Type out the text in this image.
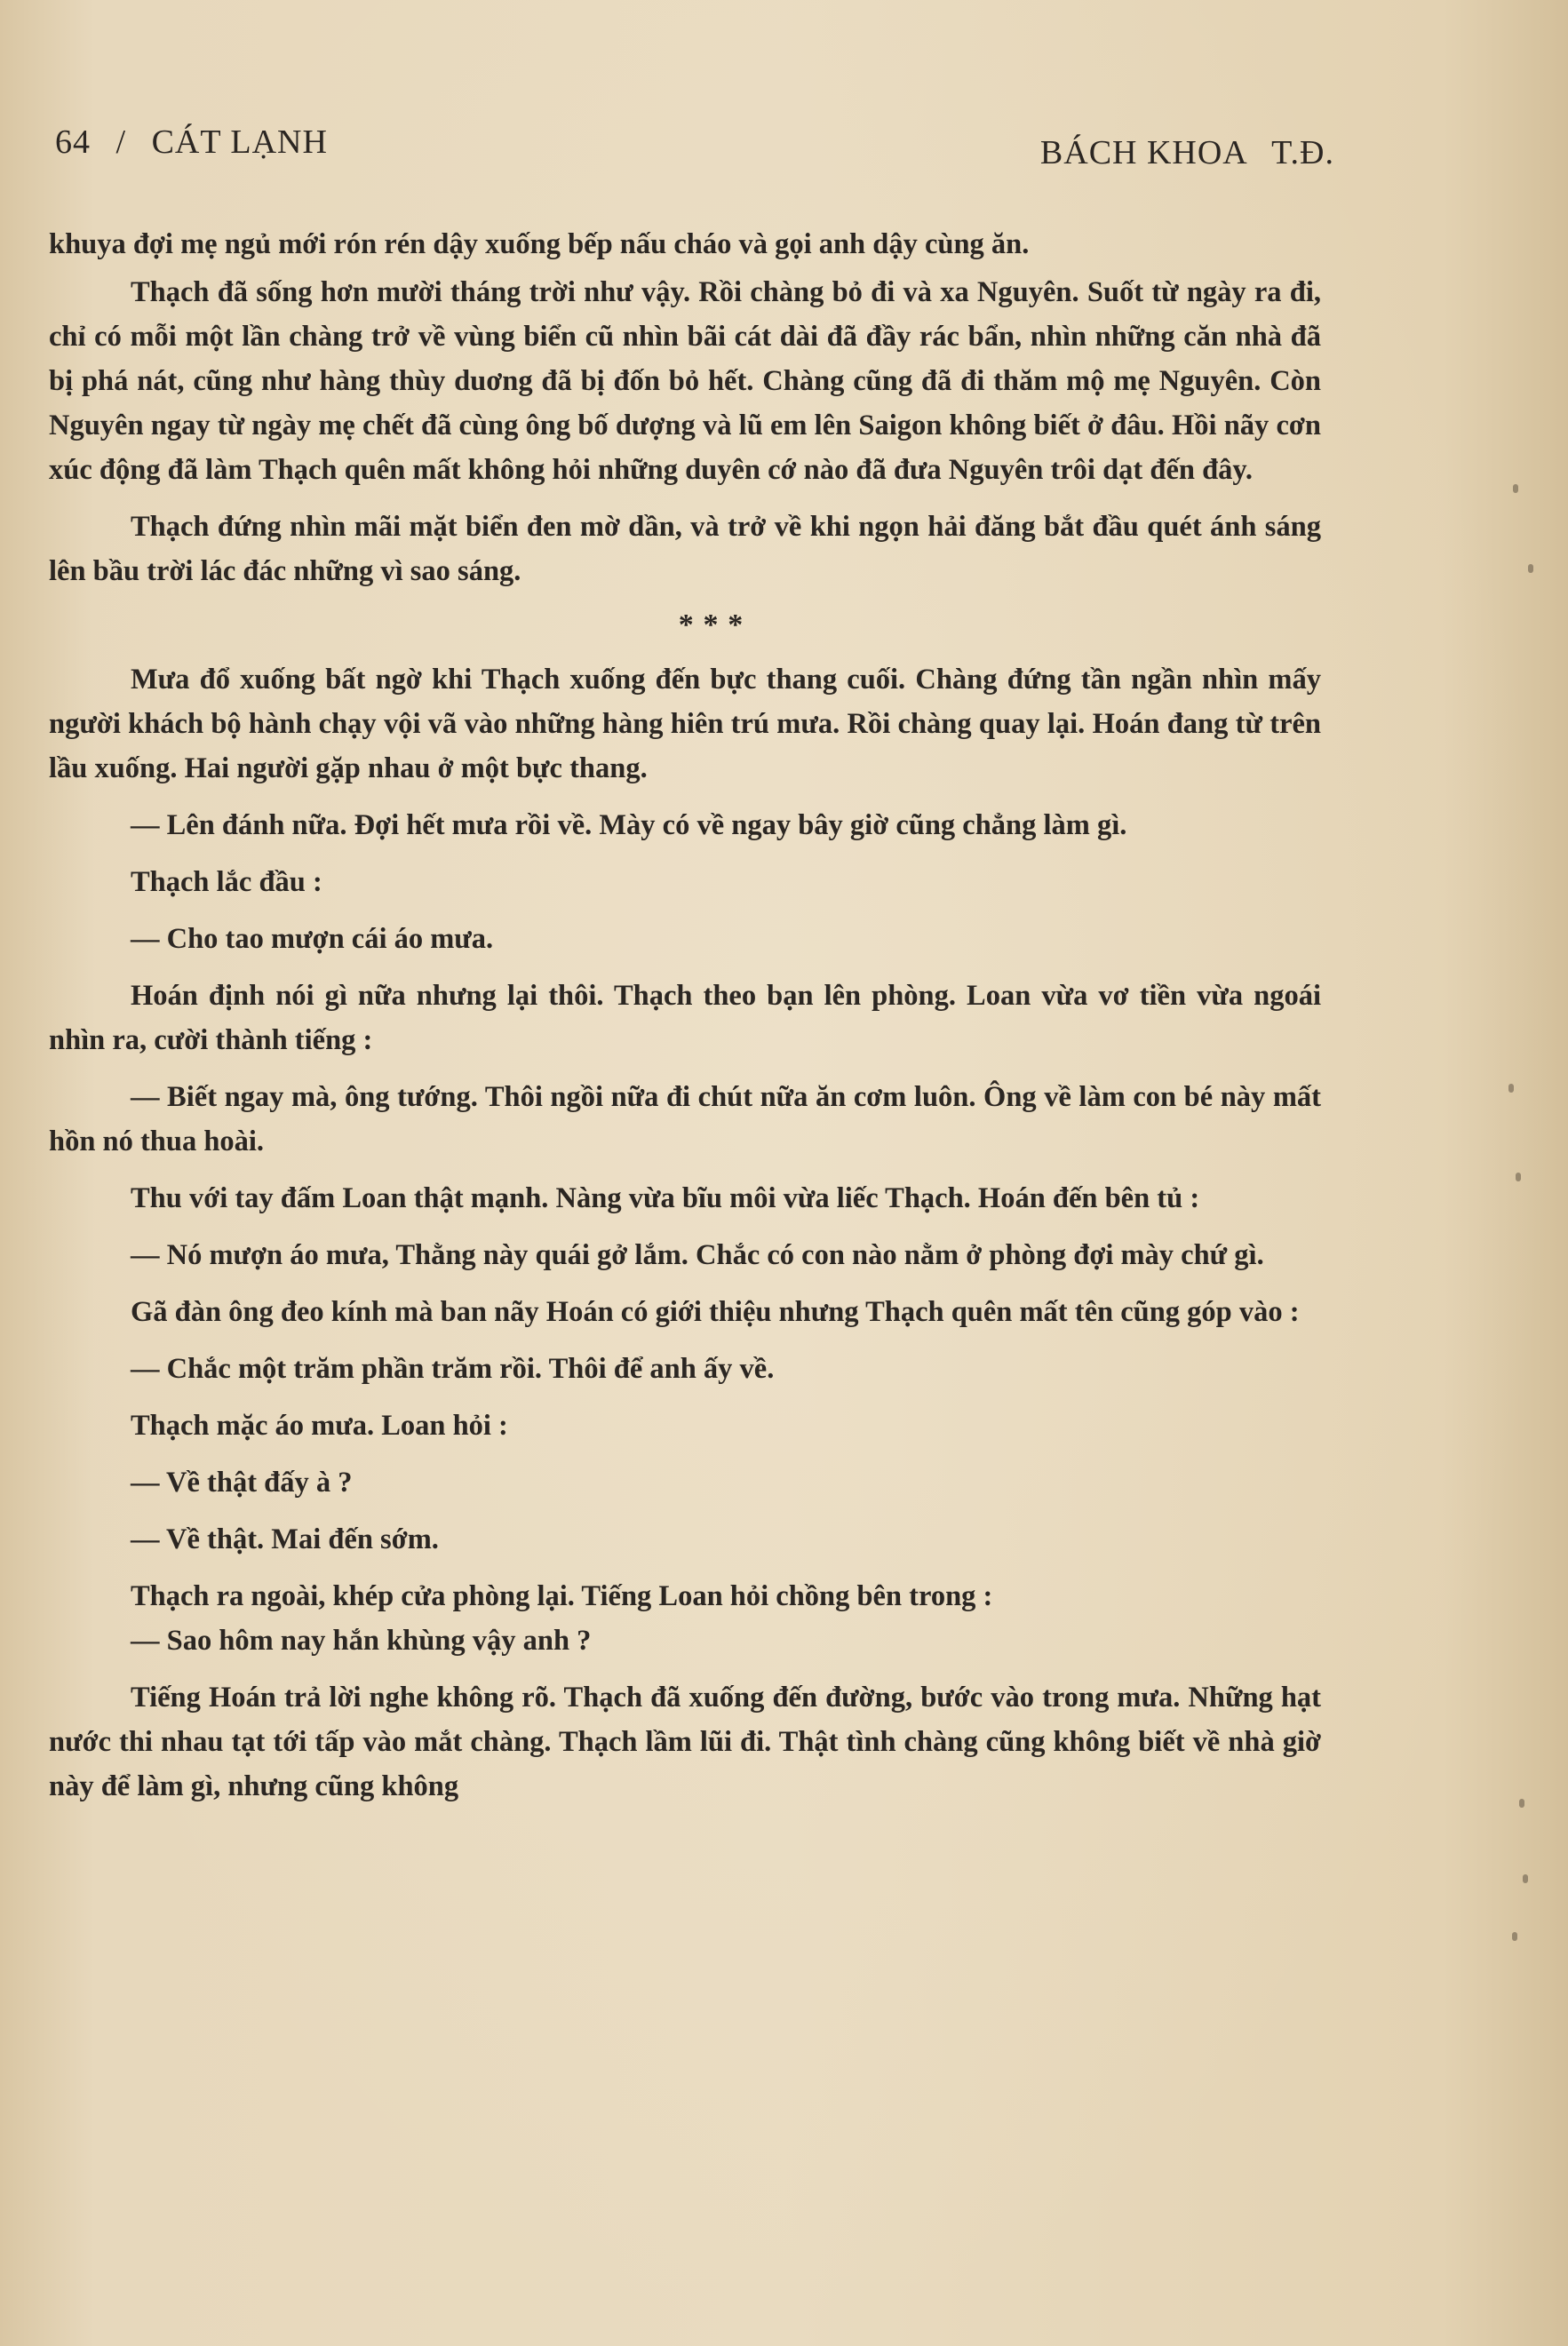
64 / CÁT LẠNH	BÁCH KHOA T.Đ.

khuya đợi mẹ ngủ mới rón rén dậy xuống bếp nấu cháo và gọi anh dậy cùng ăn.

Thạch đã sống hơn mười tháng trời như vậy. Rồi chàng bỏ đi và xa Nguyên. Suốt từ ngày ra đi, chỉ có mỗi một lần chàng trở về vùng biển cũ nhìn bãi cát dài đã đầy rác bẩn, nhìn những căn nhà đã bị phá nát, cũng như hàng thùy duơng đã bị đốn bỏ hết. Chàng cũng đã đi thăm mộ mẹ Nguyên. Còn Nguyên ngay từ ngày mẹ chết đã cùng ông bố dượng và lũ em lên Saigon không biết ở đâu. Hồi nãy cơn xúc động đã làm Thạch quên mất không hỏi những duyên cớ nào đã đưa Nguyên trôi dạt đến đây.

Thạch đứng nhìn mãi mặt biển đen mờ dần, và trở về khi ngọn hải đăng bắt đầu quét ánh sáng lên bầu trời lác đác những vì sao sáng.

* * *

Mưa đổ xuống bất ngờ khi Thạch xuống đến bực thang cuối. Chàng đứng tần ngần nhìn mấy người khách bộ hành chạy vội vã vào những hàng hiên trú mưa. Rồi chàng quay lại. Hoán đang từ trên lầu xuống. Hai người gặp nhau ở một bực thang.

— Lên đánh nữa. Đợi hết mưa rồi về. Mày có về ngay bây giờ cũng chẳng làm gì.

Thạch lắc đầu :

— Cho tao mượn cái áo mưa.

Hoán định nói gì nữa nhưng lại thôi. Thạch theo bạn lên phòng. Loan vừa vơ tiền vừa ngoái nhìn ra, cười thành tiếng :

— Biết ngay mà, ông tướng. Thôi ngồi nữa đi chút nữa ăn cơm luôn. Ông về làm con bé này mất hồn nó thua hoài.

Thu với tay đấm Loan thật mạnh. Nàng vừa bĩu môi vừa liếc Thạch. Hoán đến bên tủ :

— Nó mượn áo mưa, Thằng này quái gở lắm. Chắc có con nào nằm ở phòng đợi mày chứ gì.

Gã đàn ông đeo kính mà ban nãy Hoán có giới thiệu nhưng Thạch quên mất tên cũng góp vào :

— Chắc một trăm phần trăm rồi. Thôi để anh ấy về.

Thạch mặc áo mưa. Loan hỏi :

— Về thật đấy à ?

— Về thật. Mai đến sớm.

Thạch ra ngoài, khép cửa phòng lại. Tiếng Loan hỏi chồng bên trong :

— Sao hôm nay hắn khùng vậy anh ?

Tiếng Hoán trả lời nghe không rõ. Thạch đã xuống đến đường, bước vào trong mưa. Những hạt nước thi nhau tạt tới tấp vào mắt chàng. Thạch lầm lũi đi. Thật tình chàng cũng không biết về nhà giờ này để làm gì, nhưng cũng không
